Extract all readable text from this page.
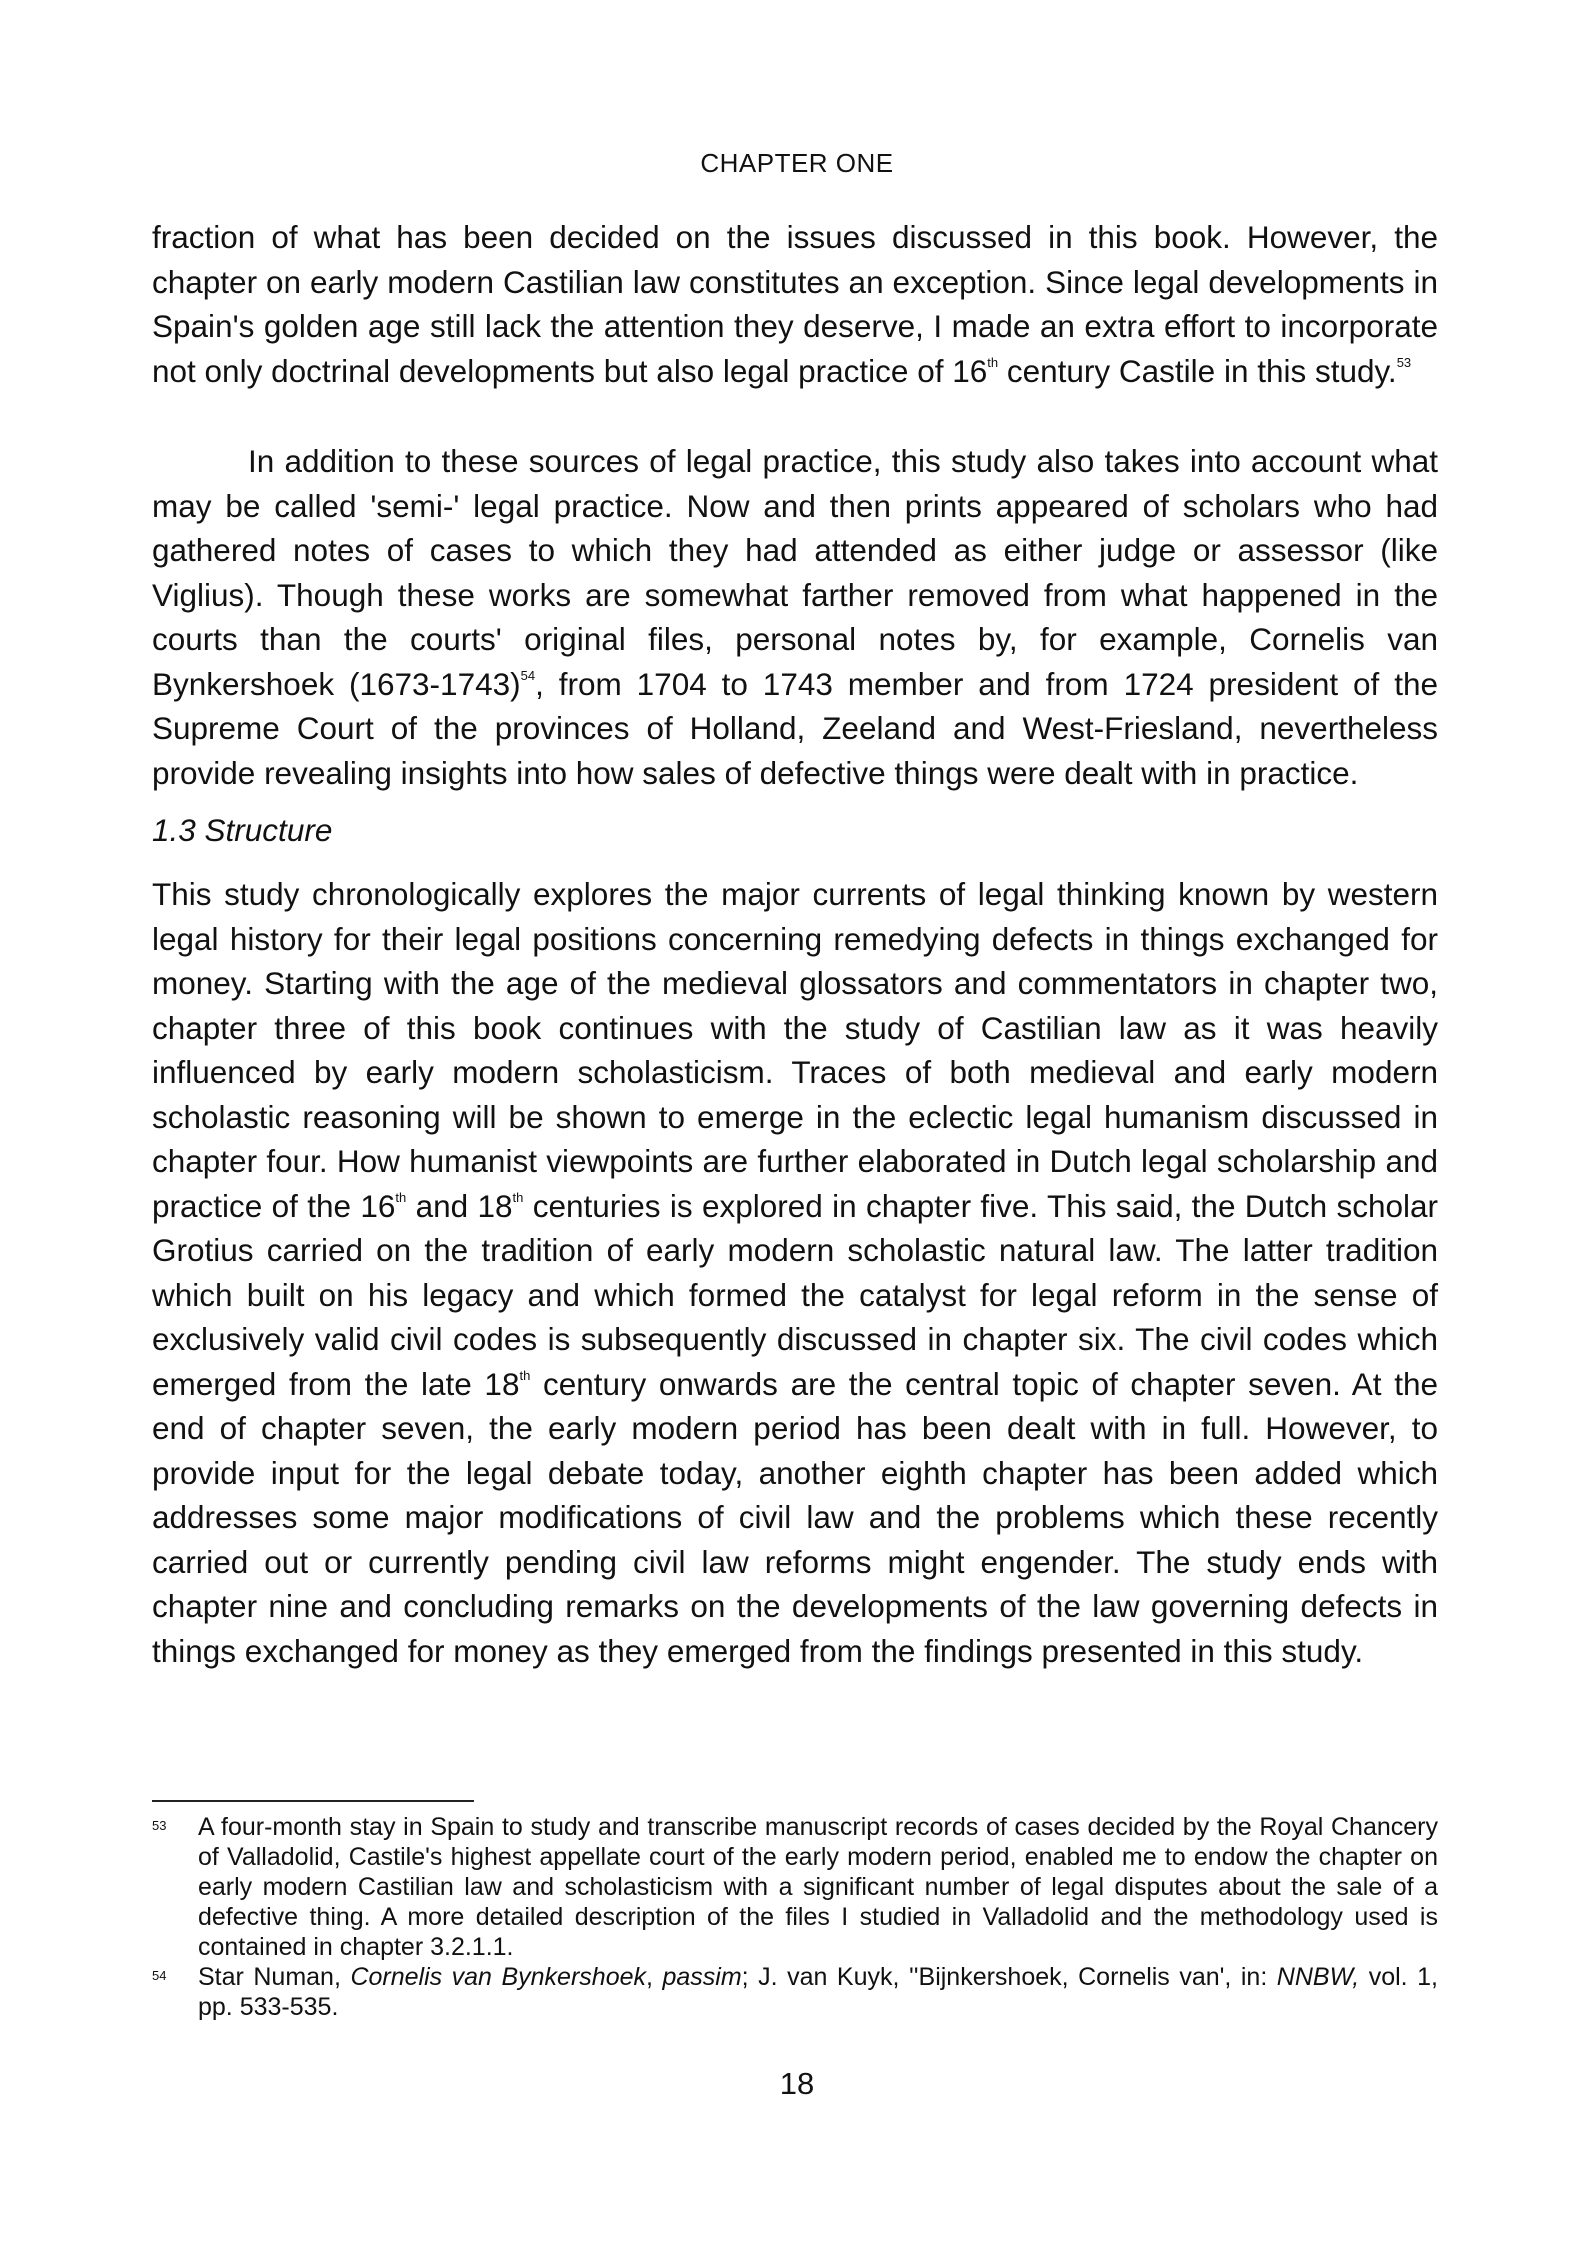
CHAPTER ONE

fraction of what has been decided on the issues discussed in this book. However, the chapter on early modern Castilian law constitutes an exception. Since legal developments in Spain's golden age still lack the attention they deserve, I made an extra effort to incorporate not only doctrinal developments but also legal practice of 16th century Castile in this study.$^{53}$

In addition to these sources of legal practice, this study also takes into account what may be called 'semi-' legal practice. Now and then prints appeared of scholars who had gathered notes of cases to which they had attended as either judge or assessor (like Viglius). Though these works are somewhat farther removed from what happened in the courts than the courts' original files, personal notes by, for example, Cornelis van Bynkershoek (1673-1743)$^{54}$, from 1704 to 1743 member and from 1724 president of the Supreme Court of the provinces of Holland, Zeeland and West-Friesland, nevertheless provide revealing insights into how sales of defective things were dealt with in practice.

1.3 Structure

This study chronologically explores the major currents of legal thinking known by western legal history for their legal positions concerning remedying defects in things exchanged for money. Starting with the age of the medieval glossators and commentators in chapter two, chapter three of this book continues with the study of Castilian law as it was heavily influenced by early modern scholasticism. Traces of both medieval and early modern scholastic reasoning will be shown to emerge in the eclectic legal humanism discussed in chapter four. How humanist viewpoints are further elaborated in Dutch legal scholarship and practice of the 16th and 18th centuries is explored in chapter five. This said, the Dutch scholar Grotius carried on the tradition of early modern scholastic natural law. The latter tradition which built on his legacy and which formed the catalyst for legal reform in the sense of exclusively valid civil codes is subsequently discussed in chapter six. The civil codes which emerged from the late 18th century onwards are the central topic of chapter seven. At the end of chapter seven, the early modern period has been dealt with in full. However, to provide input for the legal debate today, another eighth chapter has been added which addresses some major modifications of civil law and the problems which these recently carried out or currently pending civil law reforms might engender. The study ends with chapter nine and concluding remarks on the developments of the law governing defects in things exchanged for money as they emerged from the findings presented in this study.

53 A four-month stay in Spain to study and transcribe manuscript records of cases decided by the Royal Chancery of Valladolid, Castile's highest appellate court of the early modern period, enabled me to endow the chapter on early modern Castilian law and scholasticism with a significant number of legal disputes about the sale of a defective thing. A more detailed description of the files I studied in Valladolid and the methodology used is contained in chapter 3.2.1.1.
54 Star Numan, Cornelis van Bynkershoek, passim; J. van Kuyk, ''Bijnkershoek, Cornelis van', in: NNBW, vol. 1, pp. 533-535.
18
